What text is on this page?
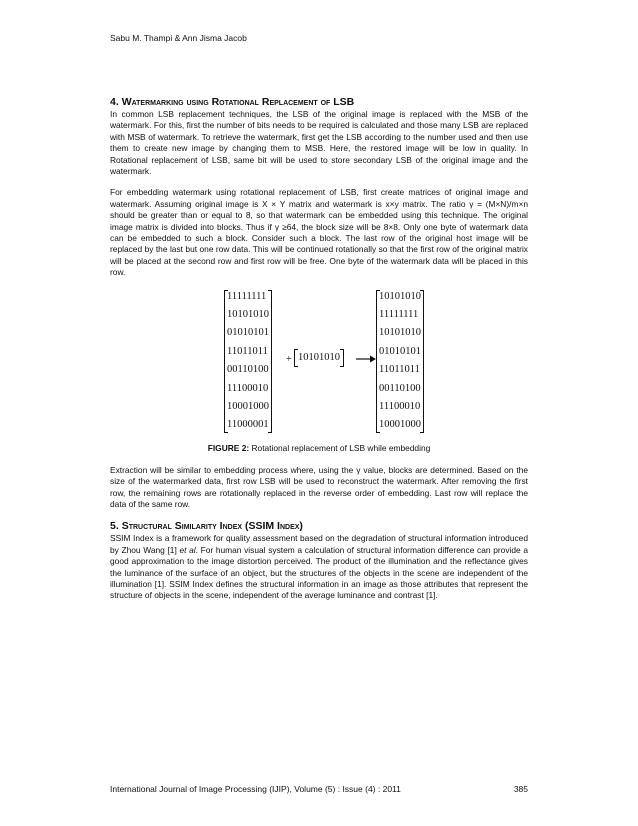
Sabu M. Thampi & Ann Jisma Jacob
4. Watermarking using Rotational Replacement of LSB

In common LSB replacement techniques, the LSB of the original image is replaced with the MSB of the watermark. For this, first the number of bits needs to be required is calculated and those many LSB are replaced with MSB of watermark. To retrieve the watermark, first get the LSB according to the number used and then use them to create new image by changing them to MSB. Here, the restored image will be low in quality. In Rotational replacement of LSB, same bit will be used to store secondary LSB of the original image and the watermark.

For embedding watermark using rotational replacement of LSB, first create matrices of original image and watermark. Assuming original image is X × Y matrix and watermark is x×y matrix. The ratio γ = (M×N)/m×n should be greater than or equal to 8, so that watermark can be embedded using this technique. The original image matrix is divided into blocks. Thus if γ ≥64, the block size will be 8×8. Only one byte of watermark data can be embedded to such a block. Consider such a block. The last row of the original host image will be replaced by the last but one row data. This will be continued rotationally so that the first row of the original matrix will be placed at the second row and first row will be free. One byte of the watermark data will be placed in this row.

11111111
10101010
01010101
11011011
00110100
11100010
10001000
11000001
+ 10101010
10101010
11111111
10101010
01010101
11011011
00110100
11100010
10001000
FIGURE 2: Rotational replacement of LSB while embedding

Extraction will be similar to embedding process where, using the γ value, blocks are determined. Based on the size of the watermarked data, first row LSB will be used to reconstruct the watermark. After removing the first row, the remaining rows are rotationally replaced in the reverse order of embedding. Last row will replace the data of the same row.

5. Structural Similarity Index (SSIM Index)

SSIM Index is a framework for quality assessment based on the degradation of structural information introduced by Zhou Wang [1] et al. For human visual system a calculation of structural information difference can provide a good approximation to the image distortion perceived. The product of the illumination and the reflectance gives the luminance of the surface of an object, but the structures of the objects in the scene are independent of the illumination [1]. SSIM Index defines the structural information in an image as those attributes that represent the structure of objects in the scene, independent of the average luminance and contrast [1].

International Journal of Image Processing (IJIP), Volume (5) : Issue (4) : 2011	385
